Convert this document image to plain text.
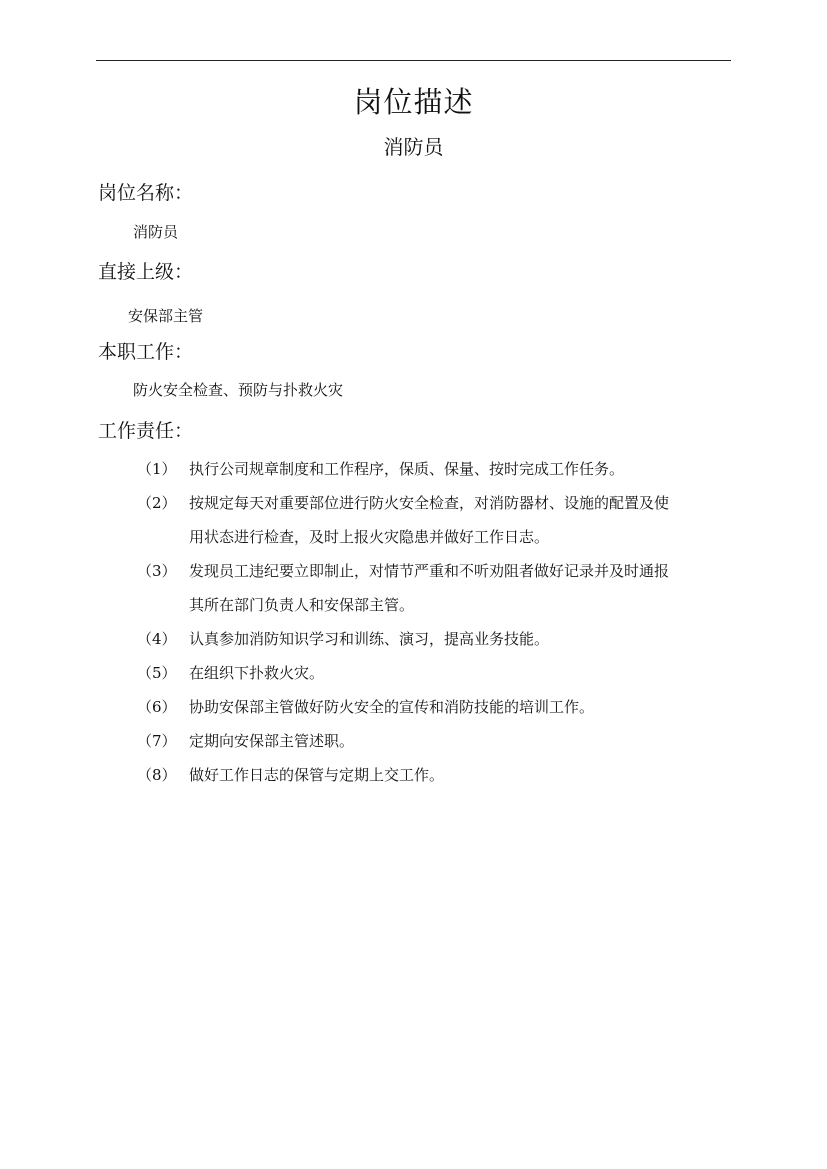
岗位描述
消防员
岗位名称：
消防员
直接上级：
安保部主管
本职工作：
防火安全检查、预防与扑救火灾
工作责任：
（1） 执行公司规章制度和工作程序，保质、保量、按时完成工作任务。
（2） 按规定每天对重要部位进行防火安全检查，对消防器材、设施的配置及使
用状态进行检查，及时上报火灾隐患并做好工作日志。
（3） 发现员工违纪要立即制止，对情节严重和不听劝阻者做好记录并及时通报
其所在部门负责人和安保部主管。
（4） 认真参加消防知识学习和训练、演习，提高业务技能。
（5） 在组织下扑救火灾。
（6） 协助安保部主管做好防火安全的宣传和消防技能的培训工作。
（7） 定期向安保部主管述职。
（8） 做好工作日志的保管与定期上交工作。
